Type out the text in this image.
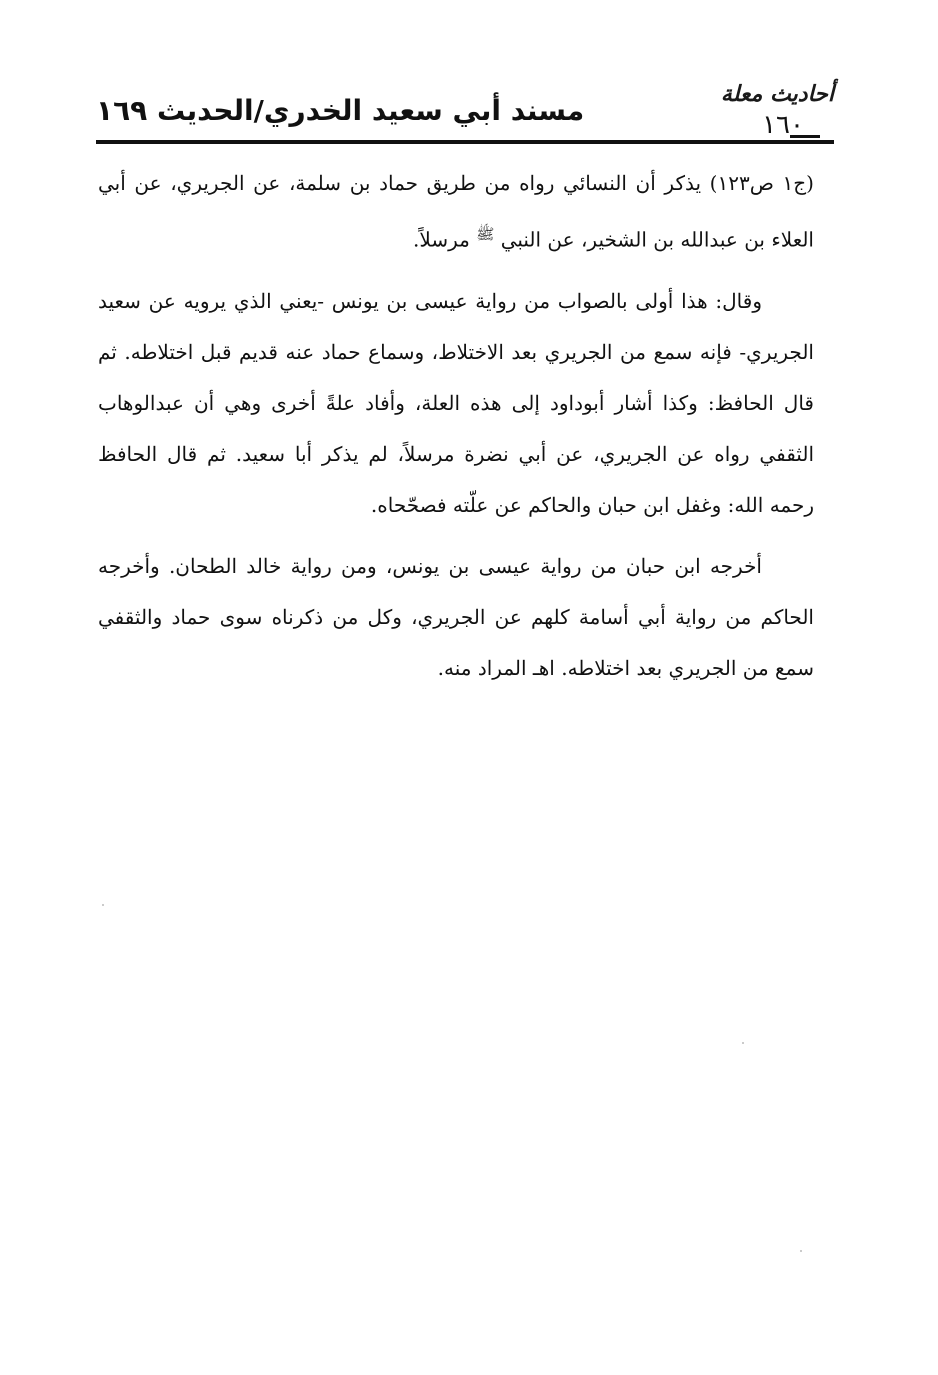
أحاديث معلة
١٦٠
مسند أبي سعيد الخدري/الحديث ١٦٩

(ج١ ص١٢٣) يذكر أن النسائي رواه من طريق حماد بن سلمة، عن الجريري، عن أبي العلاء بن عبدالله بن الشخير، عن النبي $^ﷺ$ مرسلاً.

وقال: هذا أولى بالصواب من رواية عيسى بن يونس -يعني الذي يرويه عن سعيد الجريري- فإنه سمع من الجريري بعد الاختلاط، وسماع حماد عنه قديم قبل اختلاطه. ثم قال الحافظ: وكذا أشار أبوداود إلى هذه العلة، وأفاد علةً أخرى وهي أن عبدالوهاب الثقفي رواه عن الجريري، عن أبي نضرة مرسلاً، لم يذكر أبا سعيد. ثم قال الحافظ رحمه الله: وغفل ابن حبان والحاكم عن علّته فصحّحاه.

أخرجه ابن حبان من رواية عيسى بن يونس، ومن رواية خالد الطحان. وأخرجه الحاكم من رواية أبي أسامة كلهم عن الجريري، وكل من ذكرناه سوى حماد والثقفي سمع من الجريري بعد اختلاطه. اهـ المراد منه.
